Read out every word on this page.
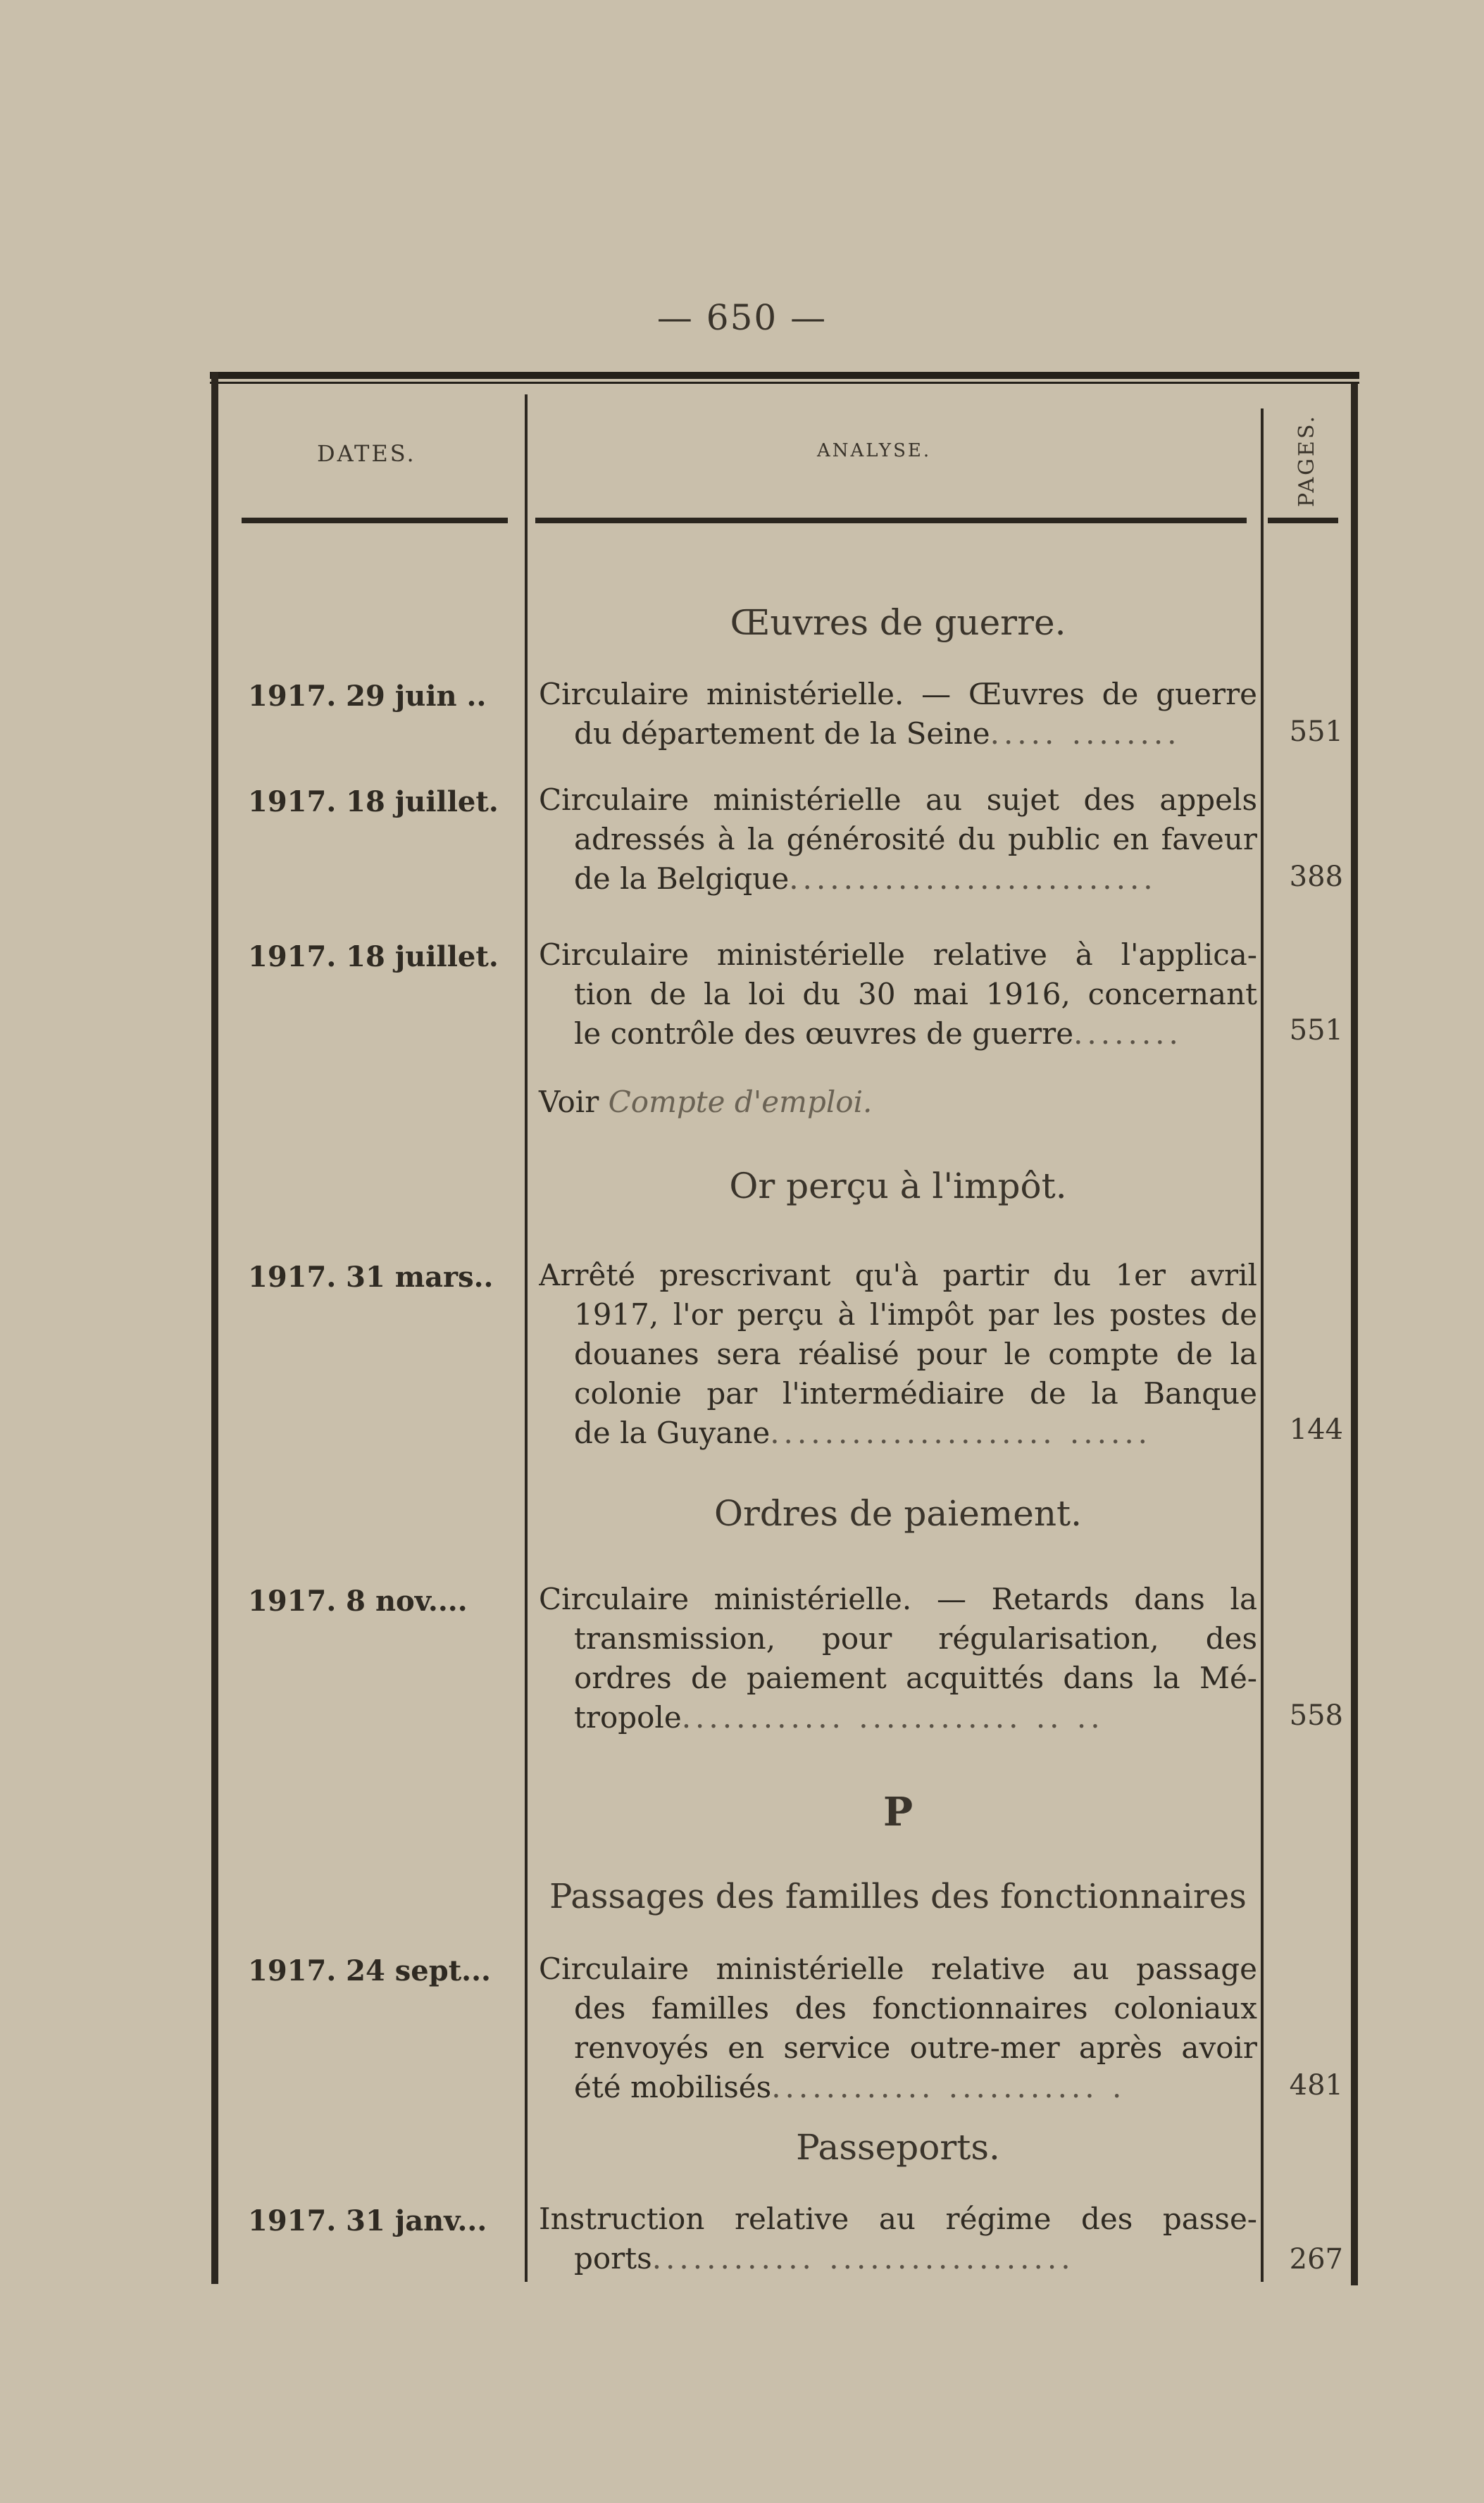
— 650 —
DATES.	ANALYSE.	PAGES.
Œuvres de guerre.
Or perçu à l'impôt.
Ordres de paiement.
P
Passages des familles des fonctionnaires
Passeports.
1917. 29 juin .. Circulaire ministérielle. — Œuvres de guerre
du département de la Seine..... ........	551
1917. 18 juillet. Circulaire ministérielle au sujet des appels
adressés à la générosité du public en faveur
de la Belgique...........................	388
1917. 18 juillet. Circulaire ministérielle relative à l'applica-
tion de la loi du 30 mai 1916, concernant
le contrôle des œuvres de guerre........	551
Voir Compte d'emploi.
1917. 31 mars.. Arrêté prescrivant qu'à partir du 1er avril
1917, l'or perçu à l'impôt par les postes de
douanes sera réalisé pour le compte de la
colonie par l'intermédiaire de la Banque
de la Guyane..................... ......	144
1917. 8 nov.... Circulaire ministérielle. — Retards dans la
transmission, pour régularisation, des
ordres de paiement acquittés dans la Mé-
tropole............ ............ .. ..	558
1917. 24 sept... Circulaire ministérielle relative au passage
des familles des fonctionnaires coloniaux
renvoyés en service outre-mer après avoir
été mobilisés............ ........... .	481
1917. 31 janv... Instruction relative au régime des passe-
ports............ ..................	267
